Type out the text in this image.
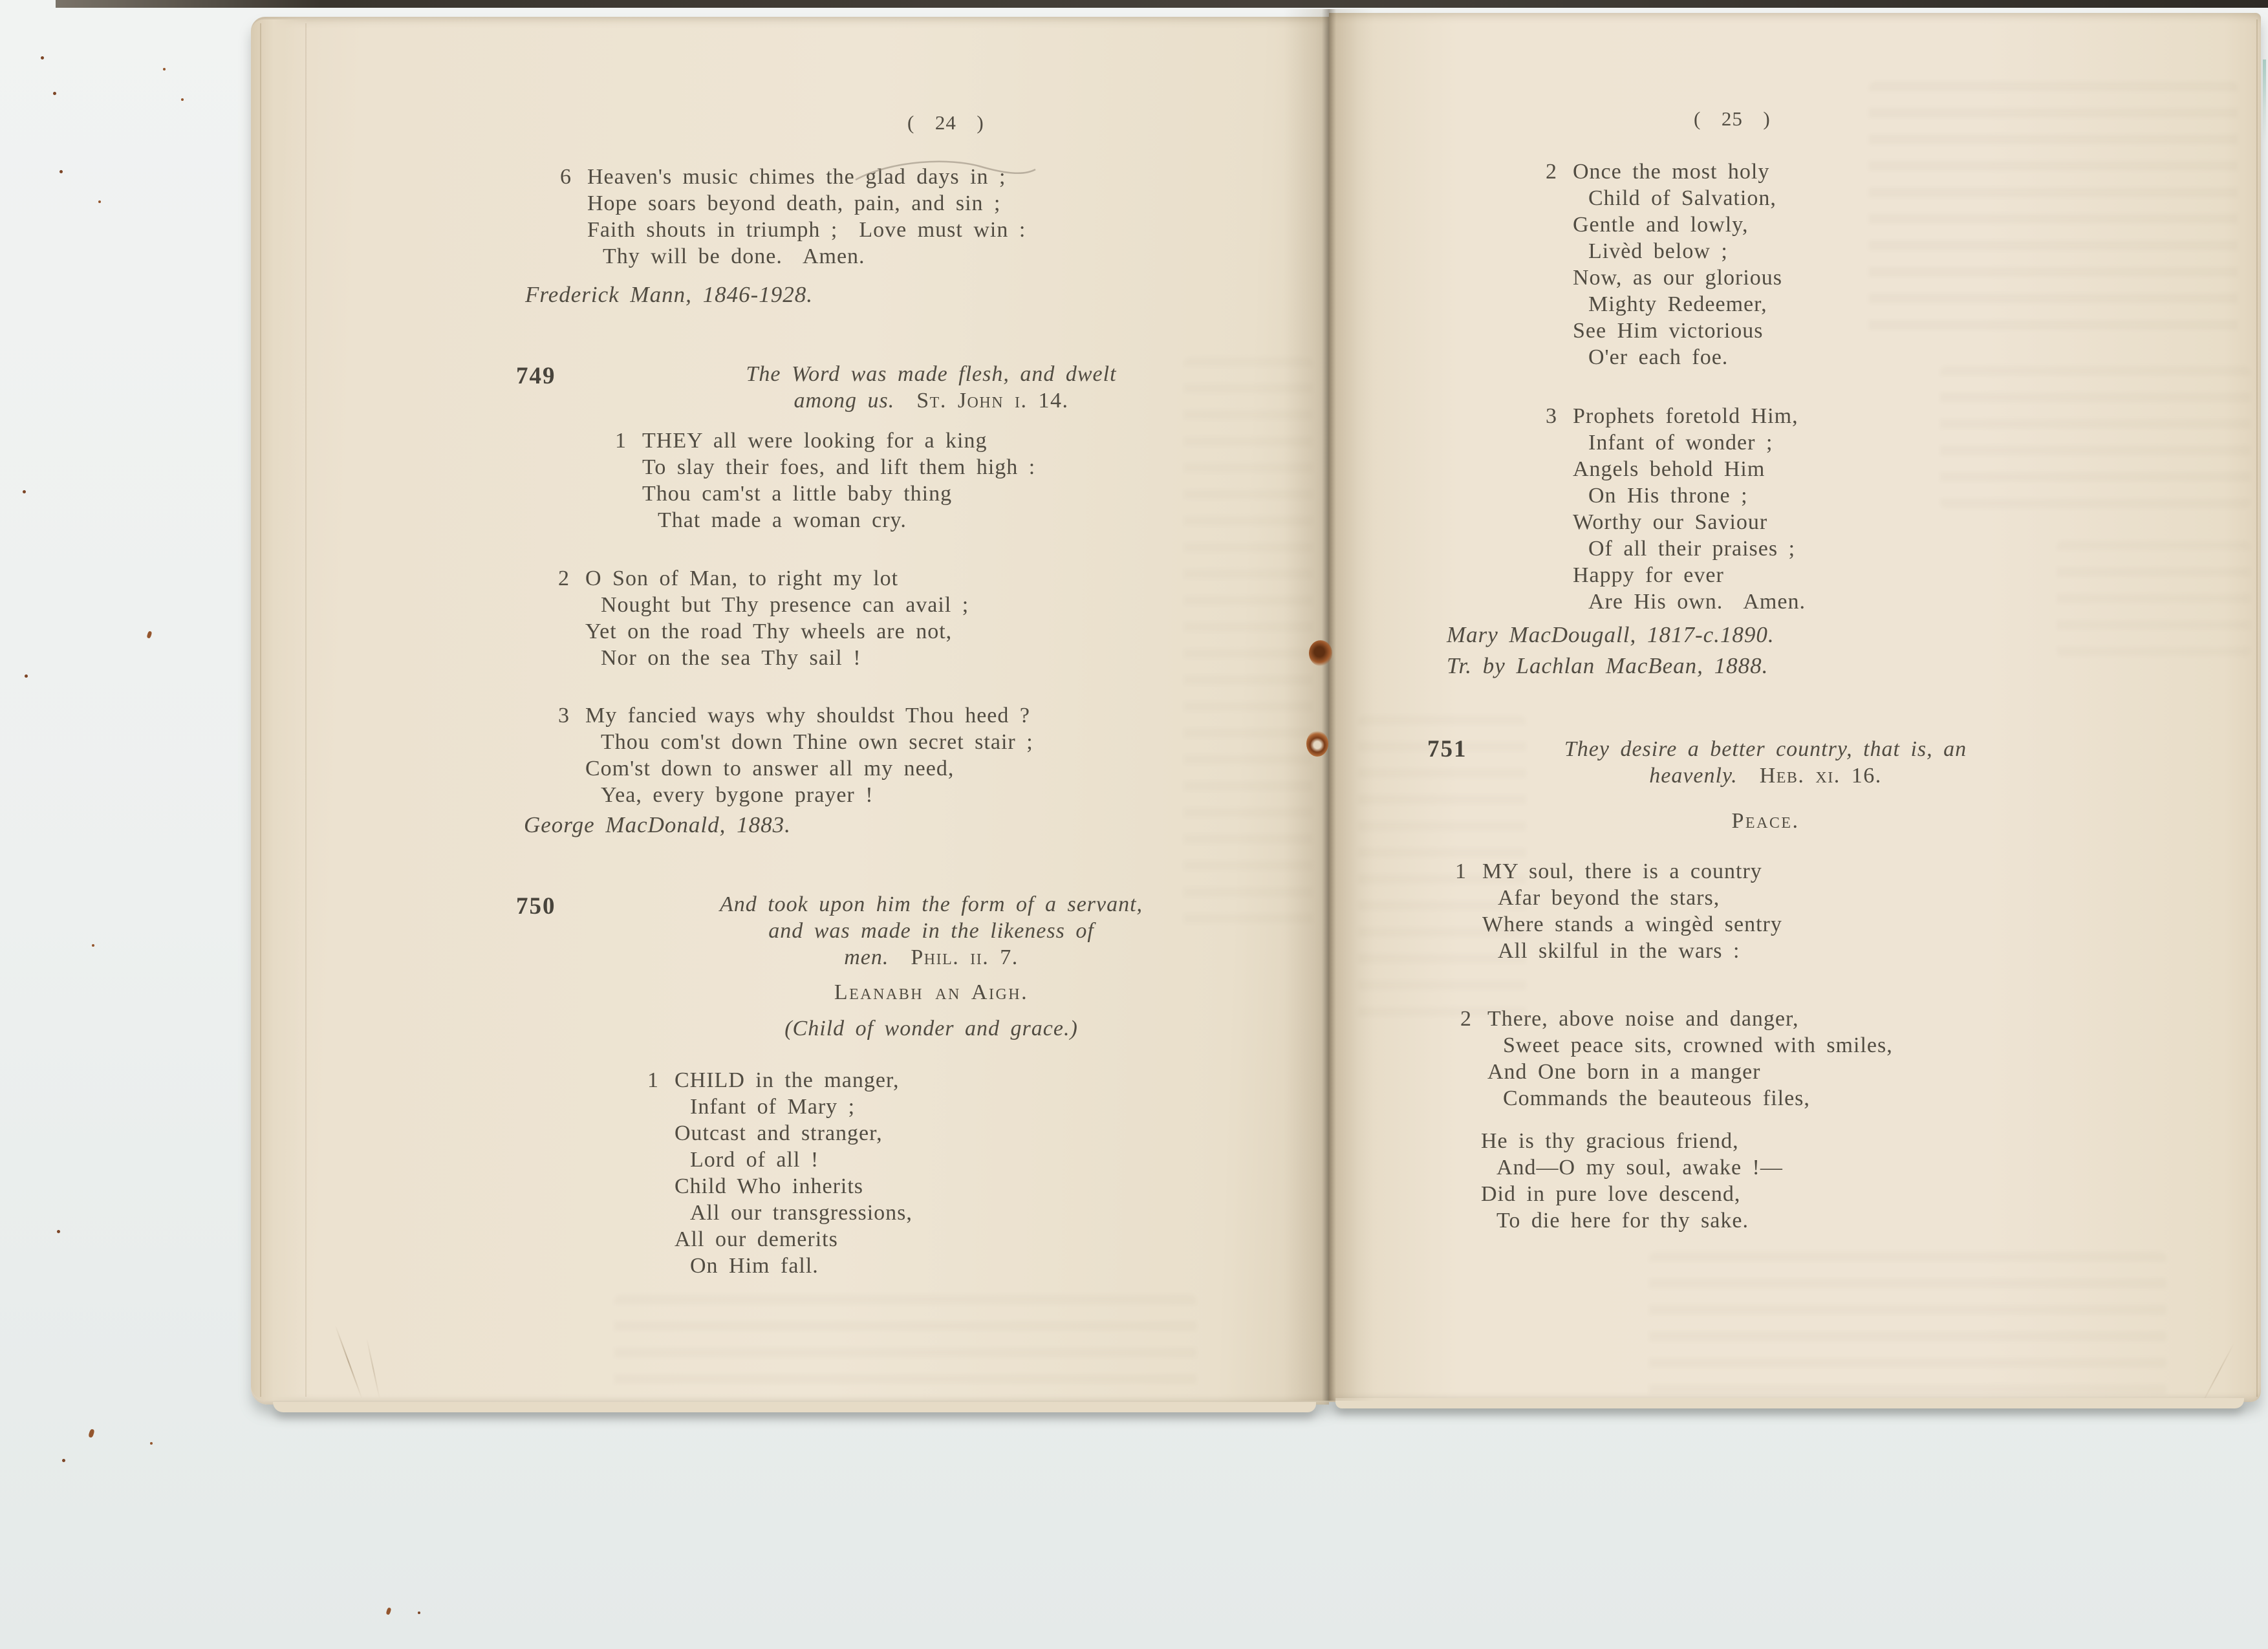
(  24  )
6 Heaven's music chimes the glad days in ;
Hope soars beyond death, pain, and sin ;
Faith shouts in triumph ;  Love must win :
Thy will be done.  Amen.
Frederick Mann, 1846-1928.
749	The Word was made flesh, and dwelt
among us.  St. John i. 14.
1 THEY all were looking for a king
To slay their foes, and lift them high :
Thou cam'st a little baby thing
That made a woman cry.
2 O Son of Man, to right my lot
Nought but Thy presence can avail ;
Yet on the road Thy wheels are not,
Nor on the sea Thy sail !
3 My fancied ways why shouldst Thou heed ?
Thou com'st down Thine own secret stair ;
Com'st down to answer all my need,
Yea, every bygone prayer !
George MacDonald, 1883.
750	And took upon him the form of a servant,
and was made in the likeness of
men.  Phil. ii. 7.
Leanabh an Aigh.
(Child of wonder and grace.)
1 CHILD in the manger,
Infant of Mary ;
Outcast and stranger,
Lord of all !
Child Who inherits
All our transgressions,
All our demerits
On Him fall.
(  25  )
2 Once the most holy
Child of Salvation,
Gentle and lowly,
Livèd below ;
Now, as our glorious
Mighty Redeemer,
See Him victorious
O'er each foe.
3 Prophets foretold Him,
Infant of wonder ;
Angels behold Him
On His throne ;
Worthy our Saviour
Of all their praises ;
Happy for ever
Are His own.  Amen.
Mary MacDougall, 1817-c.1890.
Tr. by Lachlan MacBean, 1888.
751	They desire a better country, that is, an
heavenly.  Heb. xi. 16.
Peace.
1 MY soul, there is a country
Afar beyond the stars,
Where stands a wingèd sentry
All skilful in the wars :
2 There, above noise and danger,
Sweet peace sits, crowned with smiles,
And One born in a manger
Commands the beauteous files,
He is thy gracious friend,
And—O my soul, awake !—
Did in pure love descend,
To die here for thy sake.
